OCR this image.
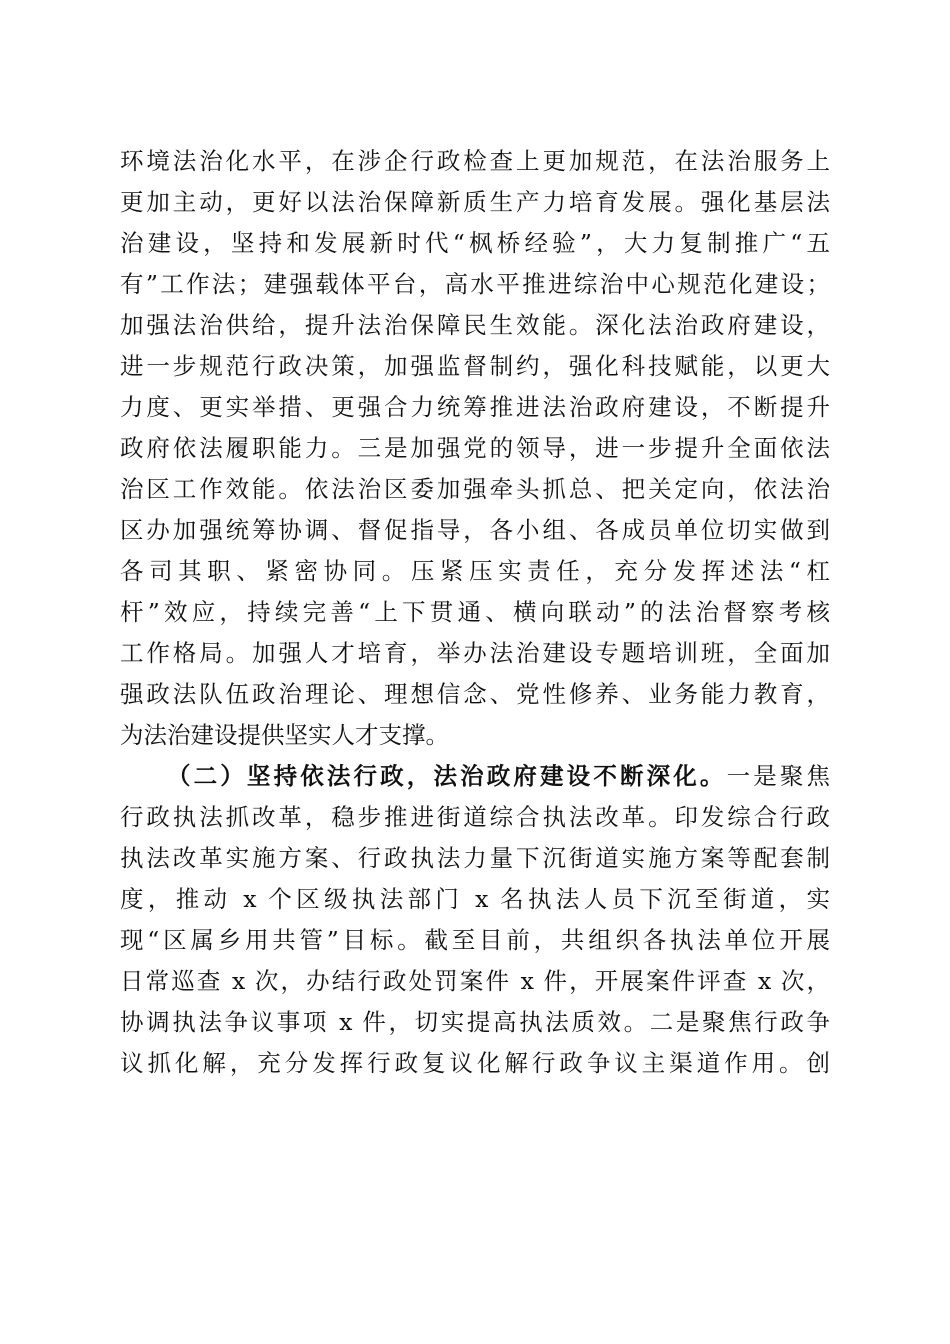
环境法治化水平，在涉企行政检查上更加规范，在法治服务上
更加主动，更好以法治保障新质生产力培育发展。强化基层法
治建设，坚持和发展新时代“枫桥经验”，大力复制推广“五
有”工作法；建强载体平台，高水平推进综治中心规范化建设；
加强法治供给，提升法治保障民生效能。深化法治政府建设，
进一步规范行政决策，加强监督制约，强化科技赋能，以更大
力度、更实举措、更强合力统筹推进法治政府建设，不断提升
政府依法履职能力。三是加强党的领导，进一步提升全面依法
治区工作效能。依法治区委加强牵头抓总、把关定向，依法治
区办加强统筹协调、督促指导，各小组、各成员单位切实做到
各司其职、紧密协同。压紧压实责任，充分发挥述法“杠
杆”效应，持续完善“上下贯通、横向联动”的法治督察考核
工作格局。加强人才培育，举办法治建设专题培训班，全面加
强政法队伍政治理论、理想信念、党性修养、业务能力教育，
为法治建设提供坚实人才支撑。
（二）坚持依法行政，法治政府建设不断深化。一是聚焦
行政执法抓改革，稳步推进街道综合执法改革。印发综合行政
执法改革实施方案、行政执法力量下沉街道实施方案等配套制
度，推动 x 个区级执法部门 x 名执法人员下沉至街道，实
现“区属乡用共管”目标。截至目前，共组织各执法单位开展
日常巡查 x 次，办结行政处罚案件 x 件，开展案件评查 x 次，
协调执法争议事项 x 件，切实提高执法质效。二是聚焦行政争
议抓化解，充分发挥行政复议化解行政争议主渠道作用。创
